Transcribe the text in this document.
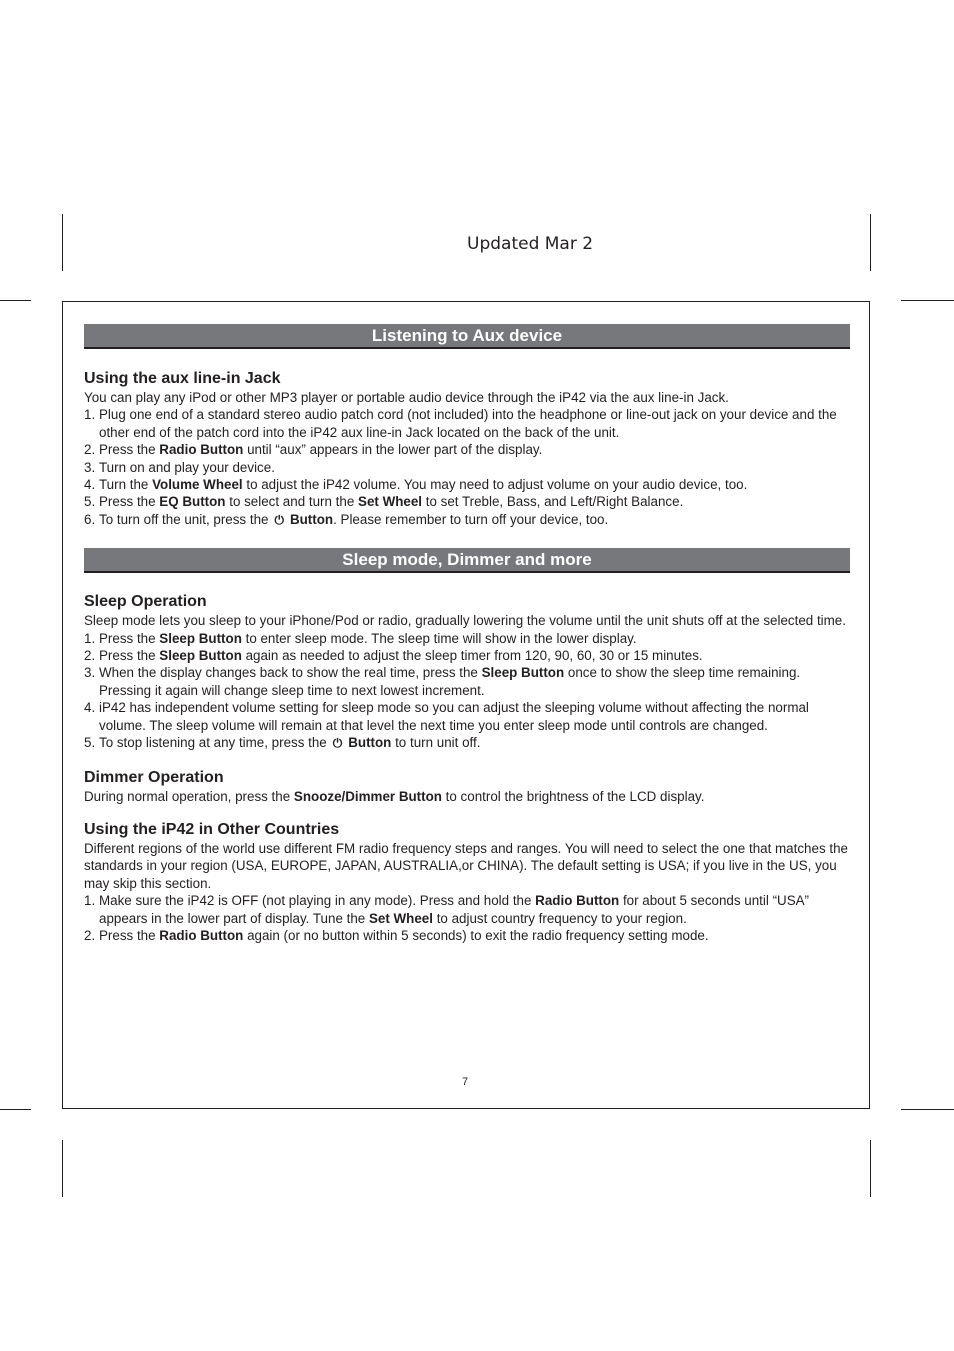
Updated Mar 2
Listening to Aux device
Using the aux line-in Jack

You can play any iPod or other MP3 player or portable audio device through the iP42 via the aux line-in Jack.

1. Plug one end of a standard stereo audio patch cord (not included) into the headphone or line-out jack on your device and the other end of the patch cord into the iP42 aux line-in Jack located on the back of the unit.
2. Press the Radio Button until “aux” appears in the lower part of the display.
3. Turn on and play your device.
4. Turn the Volume Wheel to adjust the iP42 volume. You may need to adjust volume on your audio device, too.
5. Press the EQ Button to select and turn the Set Wheel to set Treble, Bass, and Left/Right Balance.
6. To turn off the unit, press the ⏻ Button. Please remember to turn off your device, too.
Sleep mode, Dimmer and more
Sleep Operation

Sleep mode lets you sleep to your iPhone/Pod or radio, gradually lowering the volume until the unit shuts off at the selected time.

1. Press the Sleep Button to enter sleep mode. The sleep time will show in the lower display.
2. Press the Sleep Button again as needed to adjust the sleep timer from 120, 90, 60, 30 or 15 minutes.
3. When the display changes back to show the real time, press the Sleep Button once to show the sleep time remaining. Pressing it again will change sleep time to next lowest increment.
4. iP42 has independent volume setting for sleep mode so you can adjust the sleeping volume without affecting the normal volume. The sleep volume will remain at that level the next time you enter sleep mode until controls are changed.
5. To stop listening at any time, press the ⏻ Button to turn unit off.
Dimmer Operation

During normal operation, press the Snooze/Dimmer Button to control the brightness of the LCD display.

Using the iP42 in Other Countries

Different regions of the world use different FM radio frequency steps and ranges. You will need to select the one that matches the standards in your region (USA, EUROPE, JAPAN, AUSTRALIA,or CHINA). The default setting is USA; if you live in the US, you may skip this section.

1. Make sure the iP42 is OFF (not playing in any mode). Press and hold the Radio Button for about 5 seconds until “USA” appears in the lower part of display. Tune the Set Wheel to adjust country frequency to your region.
2. Press the Radio Button again (or no button within 5 seconds) to exit the radio frequency setting mode.
7
